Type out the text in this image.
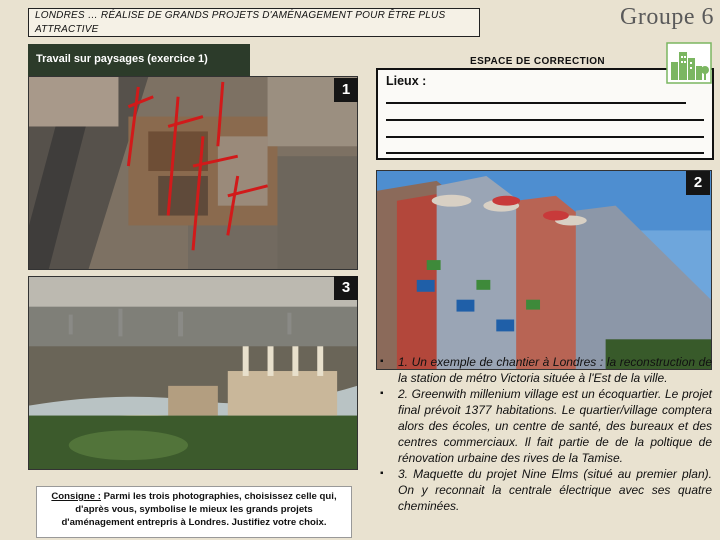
LONDRES … RÉALISE DE GRANDS PROJETS D'AMÉNAGEMENT POUR ÊTRE PLUS ATTRACTIVE	Groupe 6
Travail sur paysages (exercice 1)
1
3
Consigne : Parmi les trois photographies, choisissez celle qui, d'après vous, symbolise le mieux les grands projets d'aménagement entrepris à Londres. Justifiez votre choix.
ESPACE DE CORRECTION
Lieux :
2
▪ 1. Un exemple de chantier à Londres : la reconstruction de la station de métro Victoria située à l'Est de la ville.
▪ 2. Greenwith millenium village est un écoquartier. Le projet final prévoit 1377 habitations. Le quartier/village comptera alors des écoles, un centre de santé, des bureaux et des centres commerciaux. Il fait partie de de la poltique de rénovation urbaine des rives de la Tamise.
▪ 3. Maquette du projet Nine Elms (situé au premier plan). On y reconnait la centrale électrique avec ses quatre cheminées.
